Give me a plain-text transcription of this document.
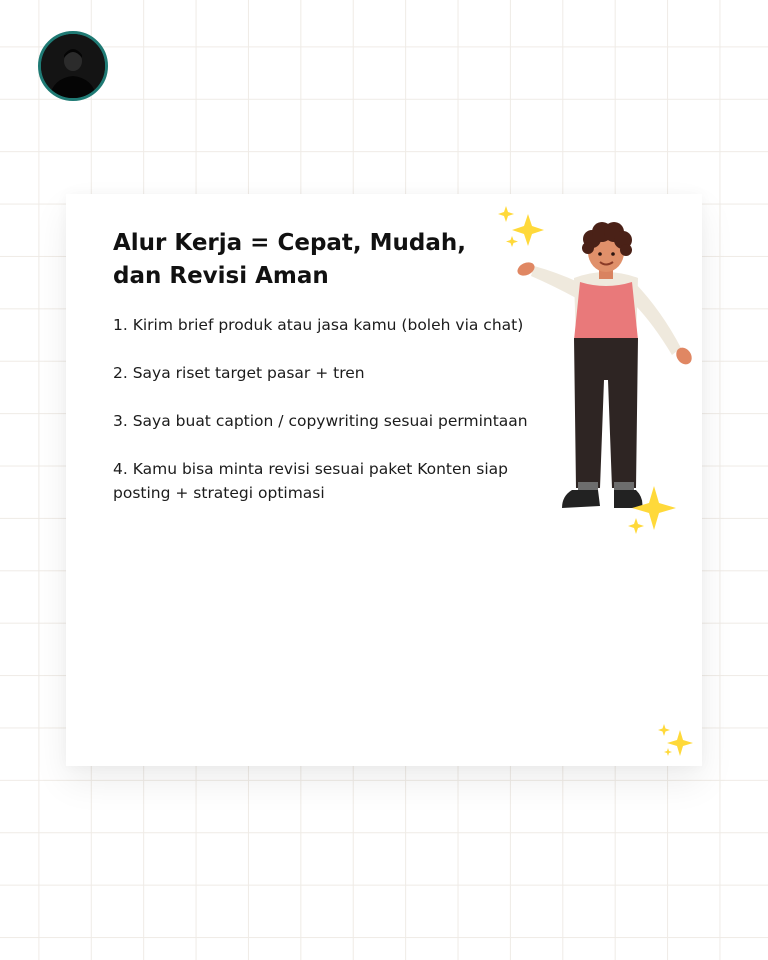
Alur Kerja = Cepat, Mudah, dan Revisi Aman
1. Kirim brief produk atau jasa kamu (boleh via chat)
2. Saya riset target pasar + tren
3. Saya buat caption / copywriting sesuai permintaan
4. Kamu bisa minta revisi sesuai paket Konten siap posting + strategi optimasi
